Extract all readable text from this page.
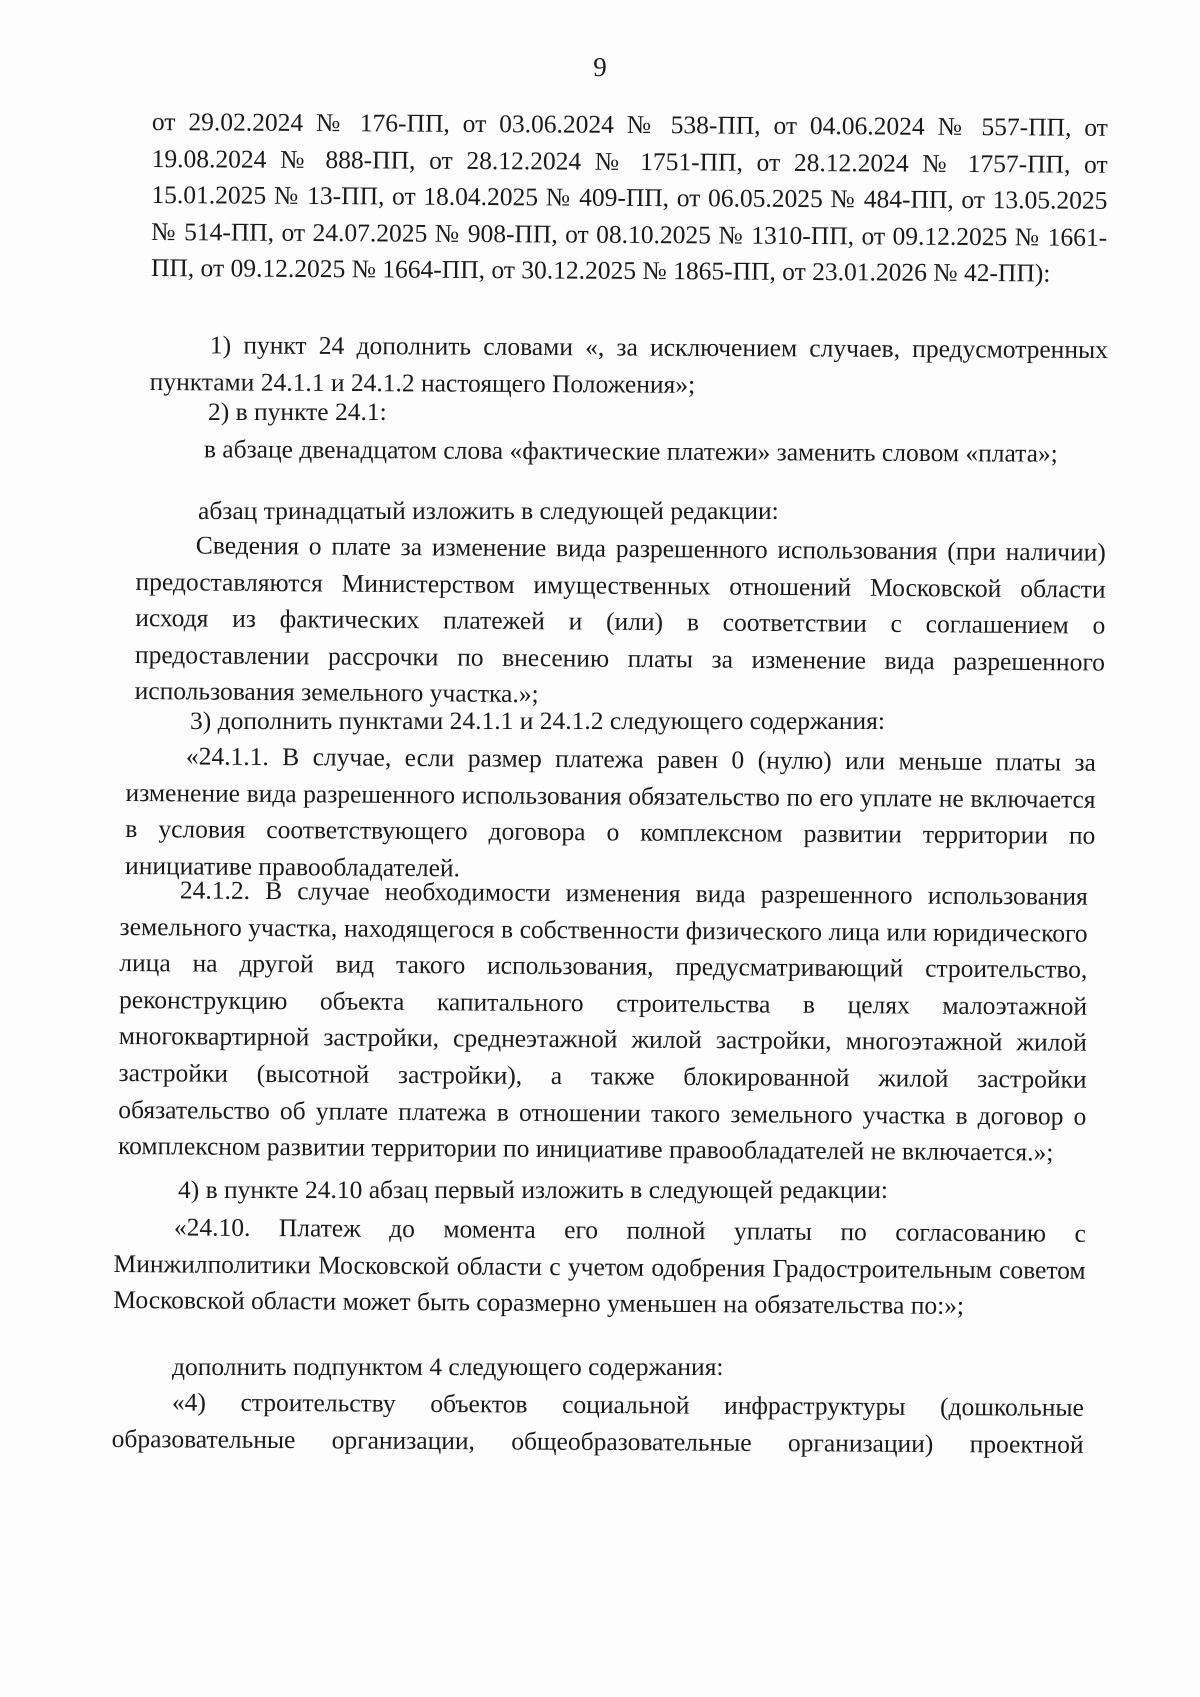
9

от 29.02.2024 № 176-ПП, от 03.06.2024 № 538-ПП, от 04.06.2024 № 557-ПП, от 19.08.2024 № 888-ПП, от 28.12.2024 № 1751-ПП, от 28.12.2024 № 1757-ПП, от 15.01.2025 № 13-ПП, от 18.04.2025 № 409-ПП, от 06.05.2025 № 484-ПП, от 13.05.2025 № 514-ПП, от 24.07.2025 № 908-ПП, от 08.10.2025 № 1310-ПП, от 09.12.2025 № 1661-ПП, от 09.12.2025 № 1664-ПП, от 30.12.2025 № 1865-ПП, от 23.01.2026 № 42-ПП):

1) пункт 24 дополнить словами «, за исключением случаев, предусмотренных пунктами 24.1.1 и 24.1.2 настоящего Положения»;

2) в пункте 24.1:

в абзаце двенадцатом слова «фактические платежи» заменить словом «плата»;

абзац тринадцатый изложить в следующей редакции:

Сведения о плате за изменение вида разрешенного использования (при наличии) предоставляются Министерством имущественных отношений Московской области исходя из фактических платежей и (или) в соответствии с соглашением о предоставлении рассрочки по внесению платы за изменение вида разрешенного использования земельного участка.»;

3) дополнить пунктами 24.1.1 и 24.1.2 следующего содержания:

«24.1.1. В случае, если размер платежа равен 0 (нулю) или меньше платы за изменение вида разрешенного использования обязательство по его уплате не включается в условия соответствующего договора о комплексном развитии территории по инициативе правообладателей.

24.1.2. В случае необходимости изменения вида разрешенного использования земельного участка, находящегося в собственности физического лица или юридического лица на другой вид такого использования, предусматривающий строительство, реконструкцию объекта капитального строительства в целях малоэтажной многоквартирной застройки, среднеэтажной жилой застройки, многоэтажной жилой застройки (высотной застройки), а также блокированной жилой застройки обязательство об уплате платежа в отношении такого земельного участка в договор о комплексном развитии территории по инициативе правообладателей не включается.»;

4) в пункте 24.10 абзац первый изложить в следующей редакции:

«24.10. Платеж до момента его полной уплаты по согласованию с Минжилполитики Московской области с учетом одобрения Градостроительным советом Московской области может быть соразмерно уменьшен на обязательства по:»;

дополнить подпунктом 4 следующего содержания:

«4) строительству объектов социальной инфраструктуры (дошкольные образовательные организации, общеобразовательные организации) проектной
